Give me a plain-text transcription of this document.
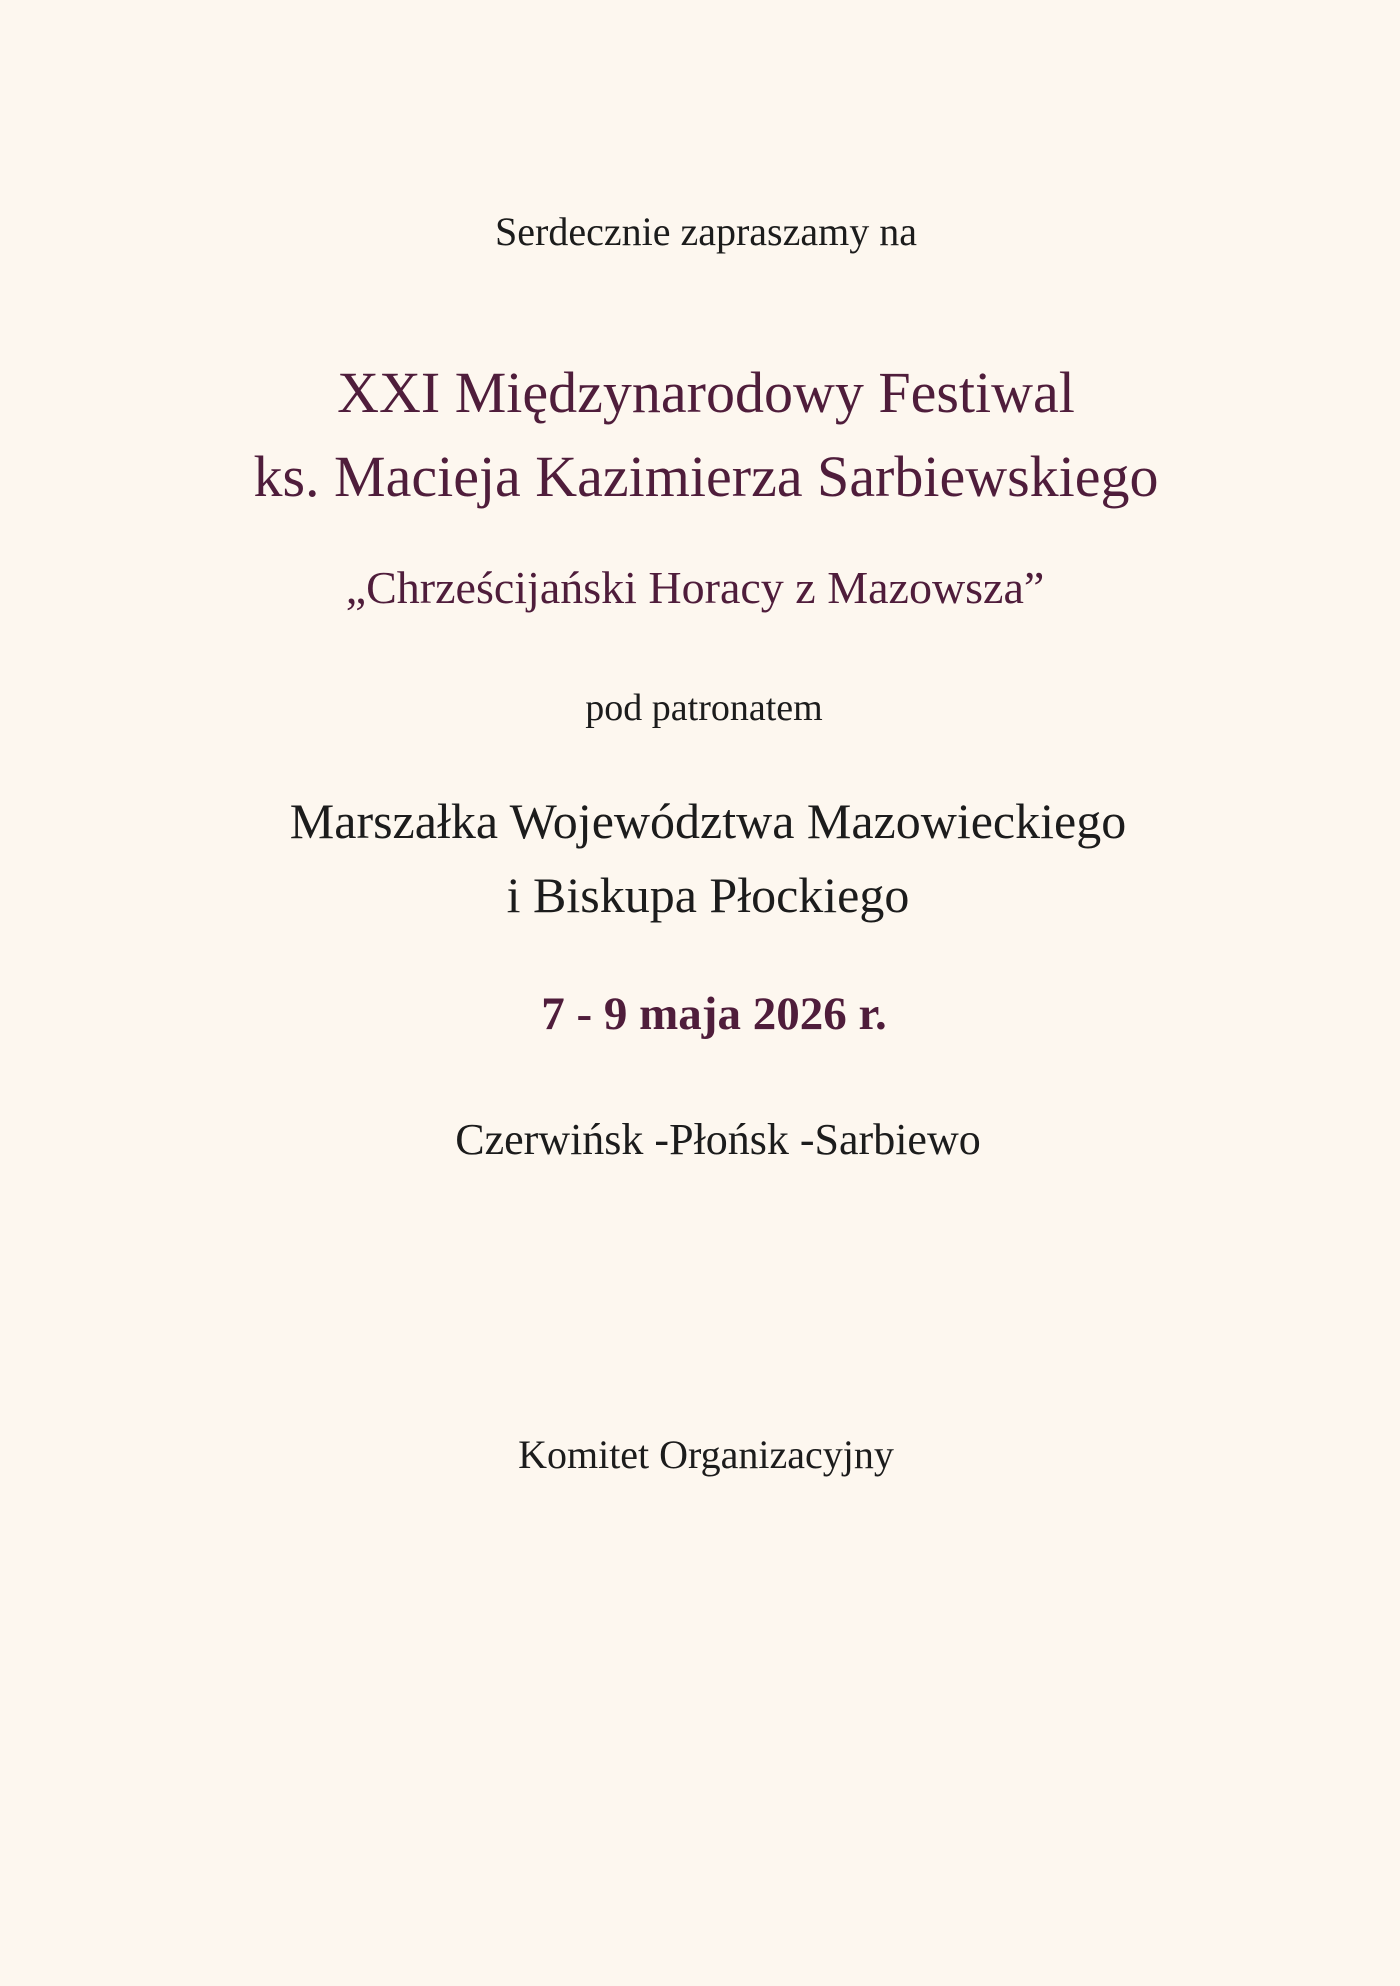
Serdecznie zapraszamy na
XXI Międzynarodowy Festiwal
ks. Macieja Kazimierza Sarbiewskiego
„Chrześcijański Horacy z Mazowsza”
pod patronatem
Marszałka Województwa Mazowieckiego
i Biskupa Płockiego
7 - 9 maja 2026 r.
Czerwińsk -Płońsk -Sarbiewo
Komitet Organizacyjny
